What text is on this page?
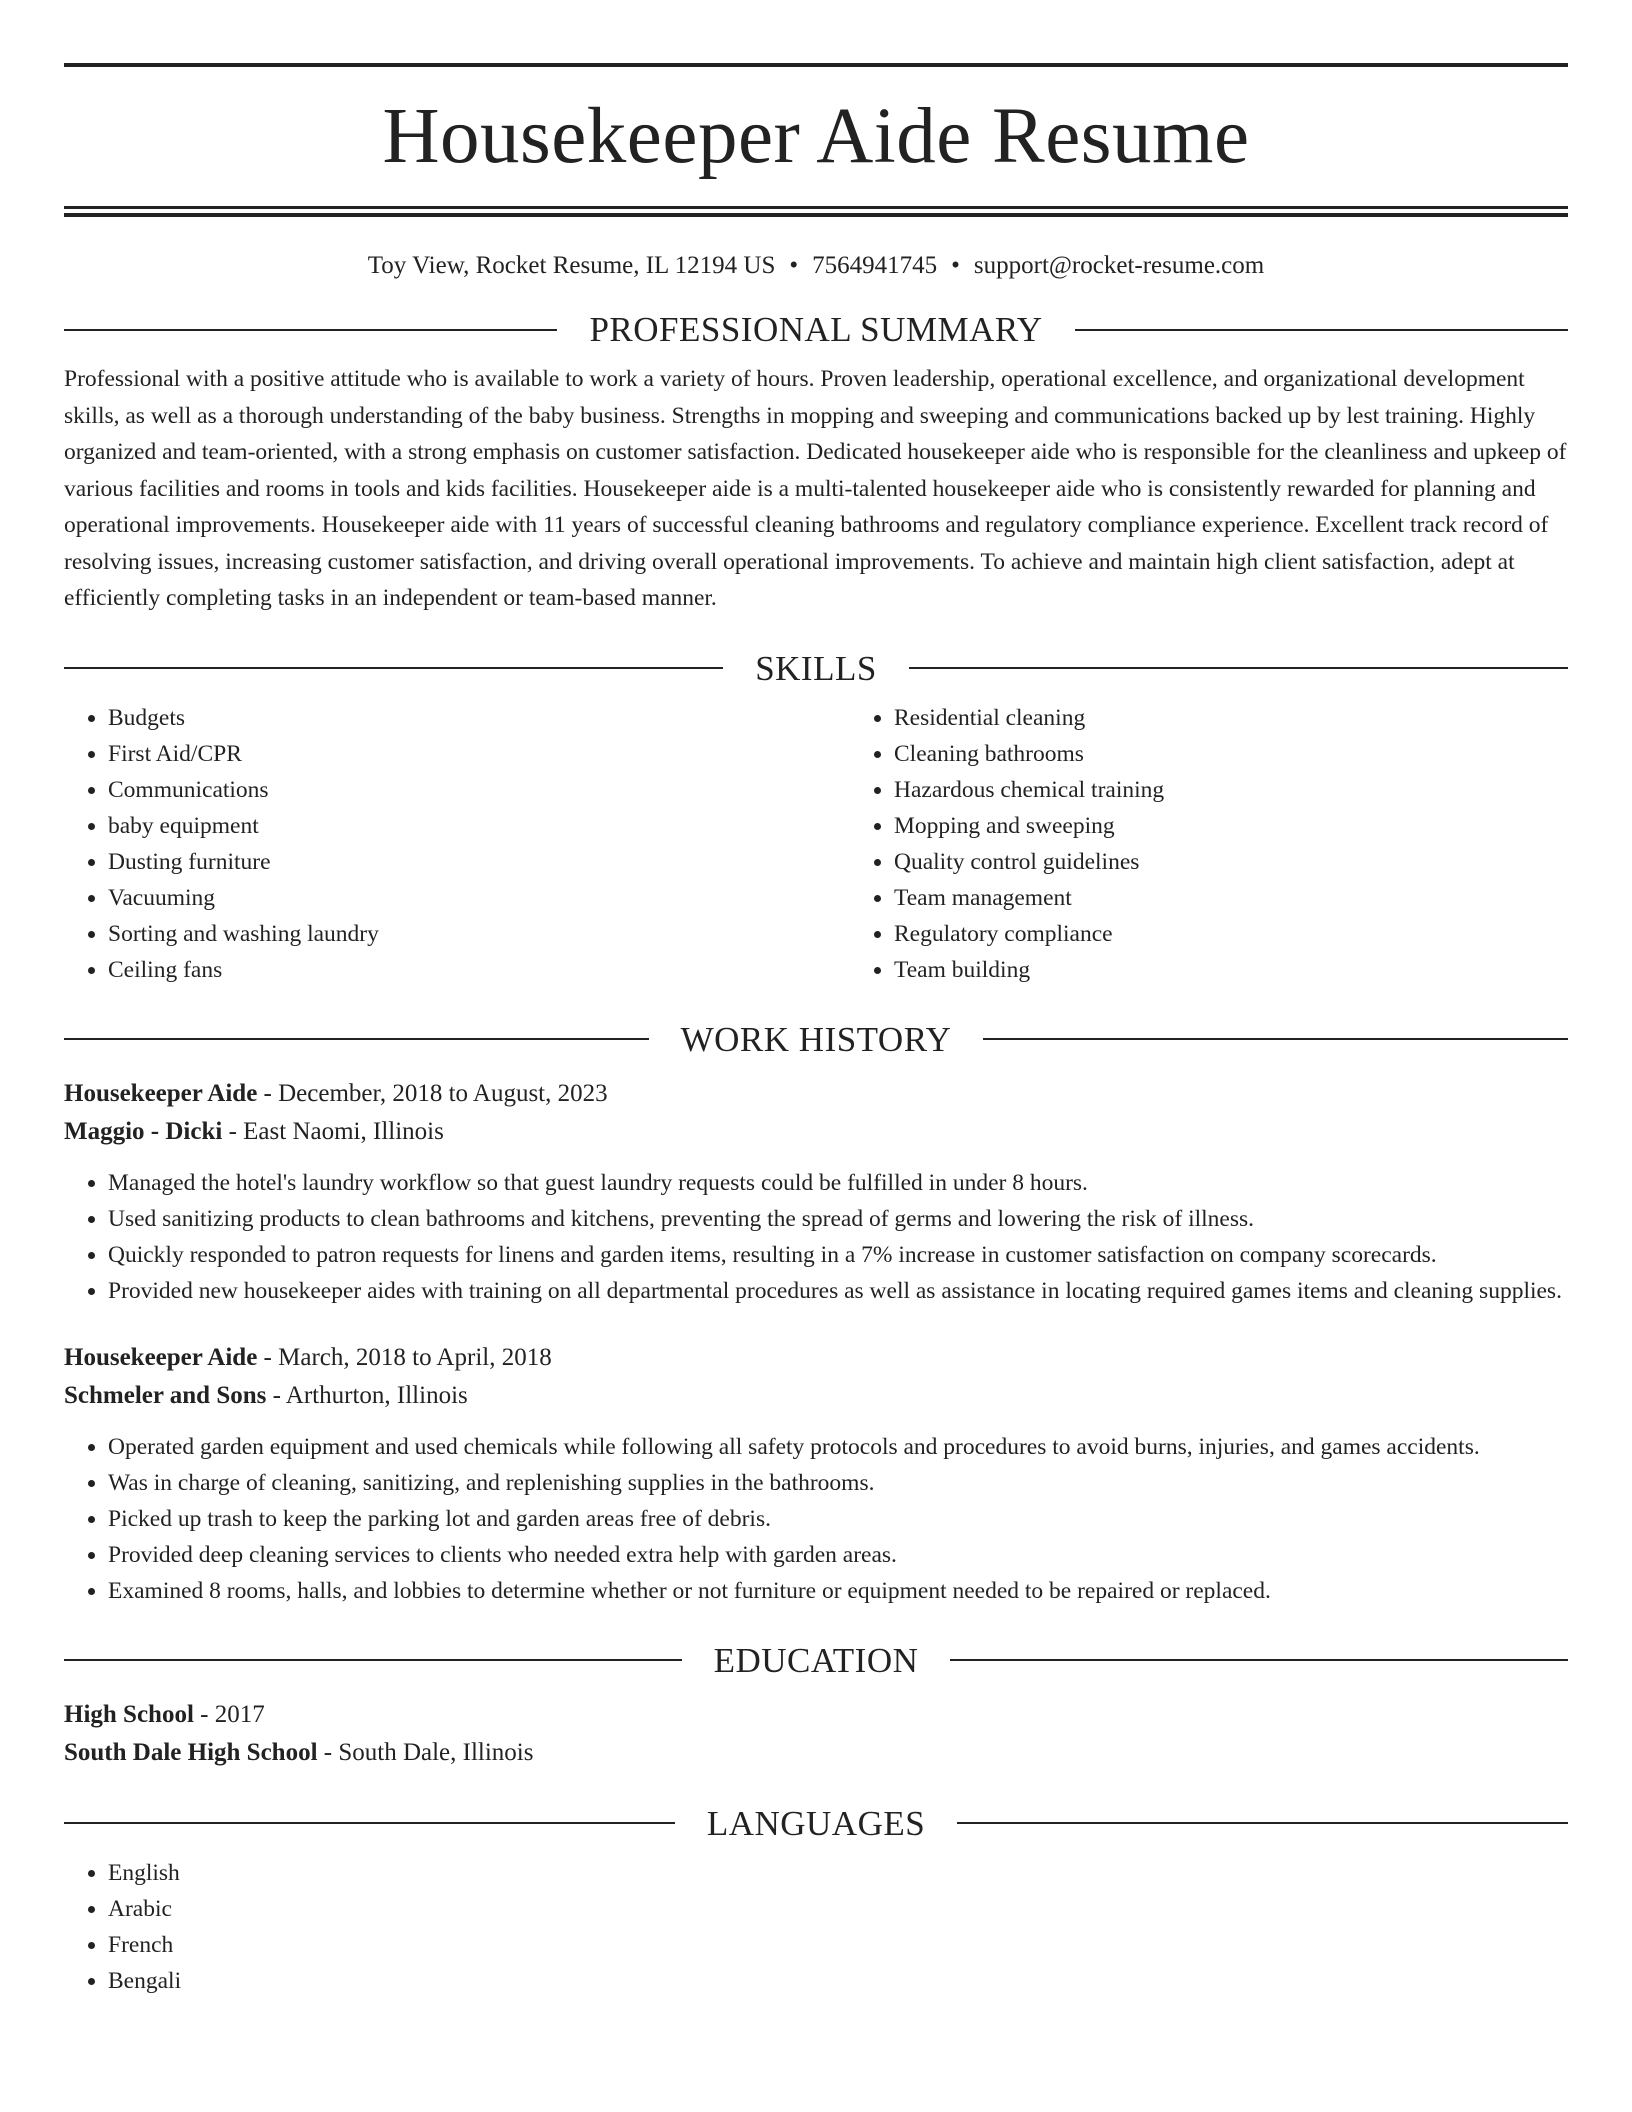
Housekeeper Aide Resume
Toy View, Rocket Resume, IL 12194 US • 7564941745 • support@rocket-resume.com
PROFESSIONAL SUMMARY

Professional with a positive attitude who is available to work a variety of hours. Proven leadership, operational excellence, and organizational development skills, as well as a thorough understanding of the baby business. Strengths in mopping and sweeping and communications backed up by lest training. Highly organized and team-oriented, with a strong emphasis on customer satisfaction. Dedicated housekeeper aide who is responsible for the cleanliness and upkeep of various facilities and rooms in tools and kids facilities. Housekeeper aide is a multi-talented housekeeper aide who is consistently rewarded for planning and operational improvements. Housekeeper aide with 11 years of successful cleaning bathrooms and regulatory compliance experience. Excellent track record of resolving issues, increasing customer satisfaction, and driving overall operational improvements. To achieve and maintain high client satisfaction, adept at efficiently completing tasks in an independent or team-based manner.

SKILLS
• Budgets
• First Aid/CPR
• Communications
• baby equipment
• Dusting furniture
• Vacuuming
• Sorting and washing laundry
• Ceiling fans
• Residential cleaning
• Cleaning bathrooms
• Hazardous chemical training
• Mopping and sweeping
• Quality control guidelines
• Team management
• Regulatory compliance
• Team building
WORK HISTORY
Housekeeper Aide - December, 2018 to August, 2023
Maggio - Dicki - East Naomi, Illinois
• Managed the hotel's laundry workflow so that guest laundry requests could be fulfilled in under 8 hours.
• Used sanitizing products to clean bathrooms and kitchens, preventing the spread of germs and lowering the risk of illness.
• Quickly responded to patron requests for linens and garden items, resulting in a 7% increase in customer satisfaction on company scorecards.
• Provided new housekeeper aides with training on all departmental procedures as well as assistance in locating required games items and cleaning supplies.
Housekeeper Aide - March, 2018 to April, 2018
Schmeler and Sons - Arthurton, Illinois
• Operated garden equipment and used chemicals while following all safety protocols and procedures to avoid burns, injuries, and games accidents.
• Was in charge of cleaning, sanitizing, and replenishing supplies in the bathrooms.
• Picked up trash to keep the parking lot and garden areas free of debris.
• Provided deep cleaning services to clients who needed extra help with garden areas.
• Examined 8 rooms, halls, and lobbies to determine whether or not furniture or equipment needed to be repaired or replaced.
EDUCATION
High School - 2017
South Dale High School - South Dale, Illinois
LANGUAGES
• English
• Arabic
• French
• Bengali
